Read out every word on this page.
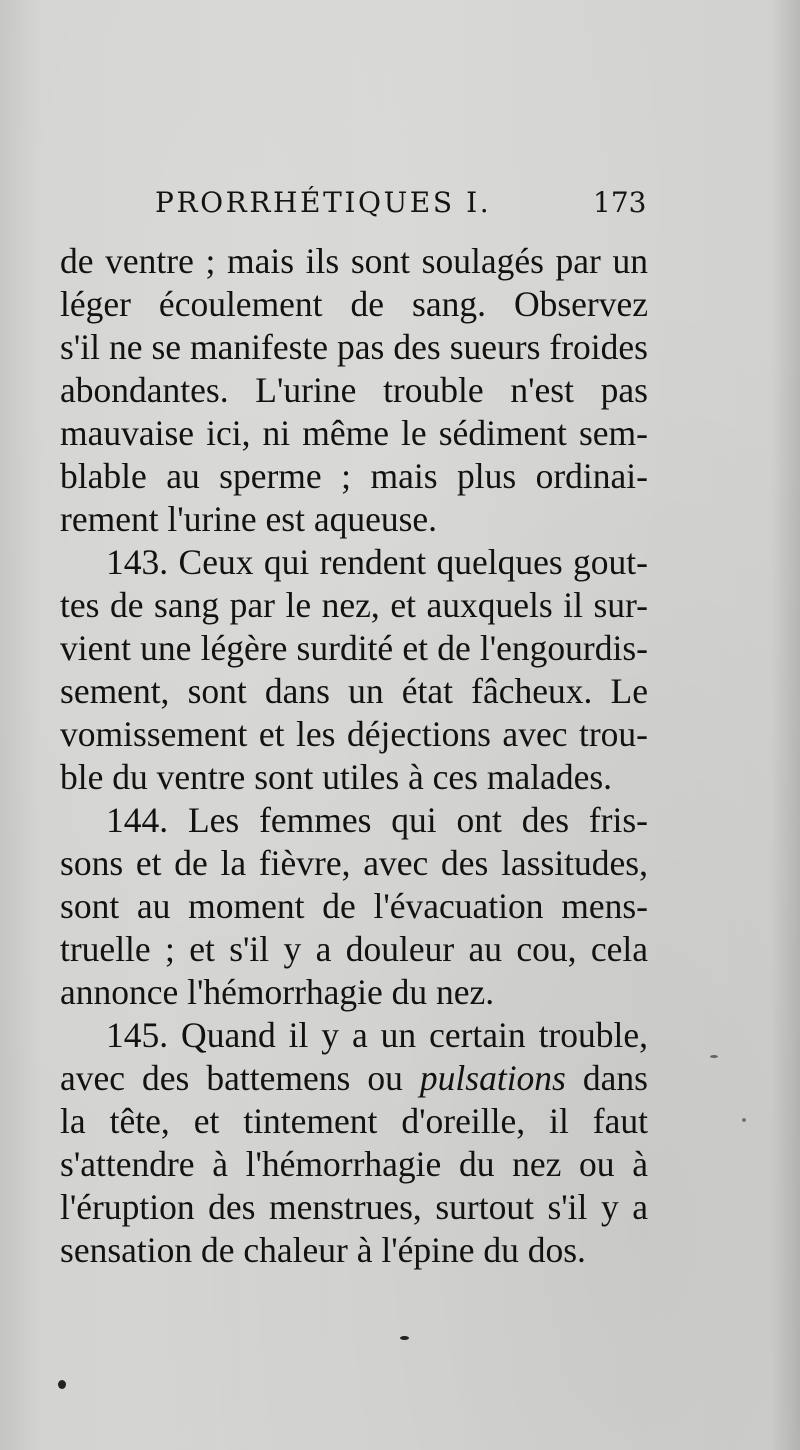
PRORRHÉTIQUES I.	173
de ventre ; mais ils sont soulagés par un
léger écoulement de sang. Observez
s'il ne se manifeste pas des sueurs froides
abondantes. L'urine trouble n'est pas
mauvaise ici, ni même le sédiment sem-
blable au sperme ; mais plus ordinai-
rement l'urine est aqueuse.
143. Ceux qui rendent quelques gout-
tes de sang par le nez, et auxquels il sur-
vient une légère surdité et de l'engourdis-
sement, sont dans un état fâcheux. Le
vomissement et les déjections avec trou-
ble du ventre sont utiles à ces malades.
144. Les femmes qui ont des fris-
sons et de la fièvre, avec des lassitudes,
sont au moment de l'évacuation mens-
truelle ; et s'il y a douleur au cou, cela
annonce l'hémorrhagie du nez.
145. Quand il y a un certain trouble,
avec des battemens ou pulsations dans
la tête, et tintement d'oreille, il faut
s'attendre à l'hémorrhagie du nez ou à
l'éruption des menstrues, surtout s'il y a
sensation de chaleur à l'épine du dos.
